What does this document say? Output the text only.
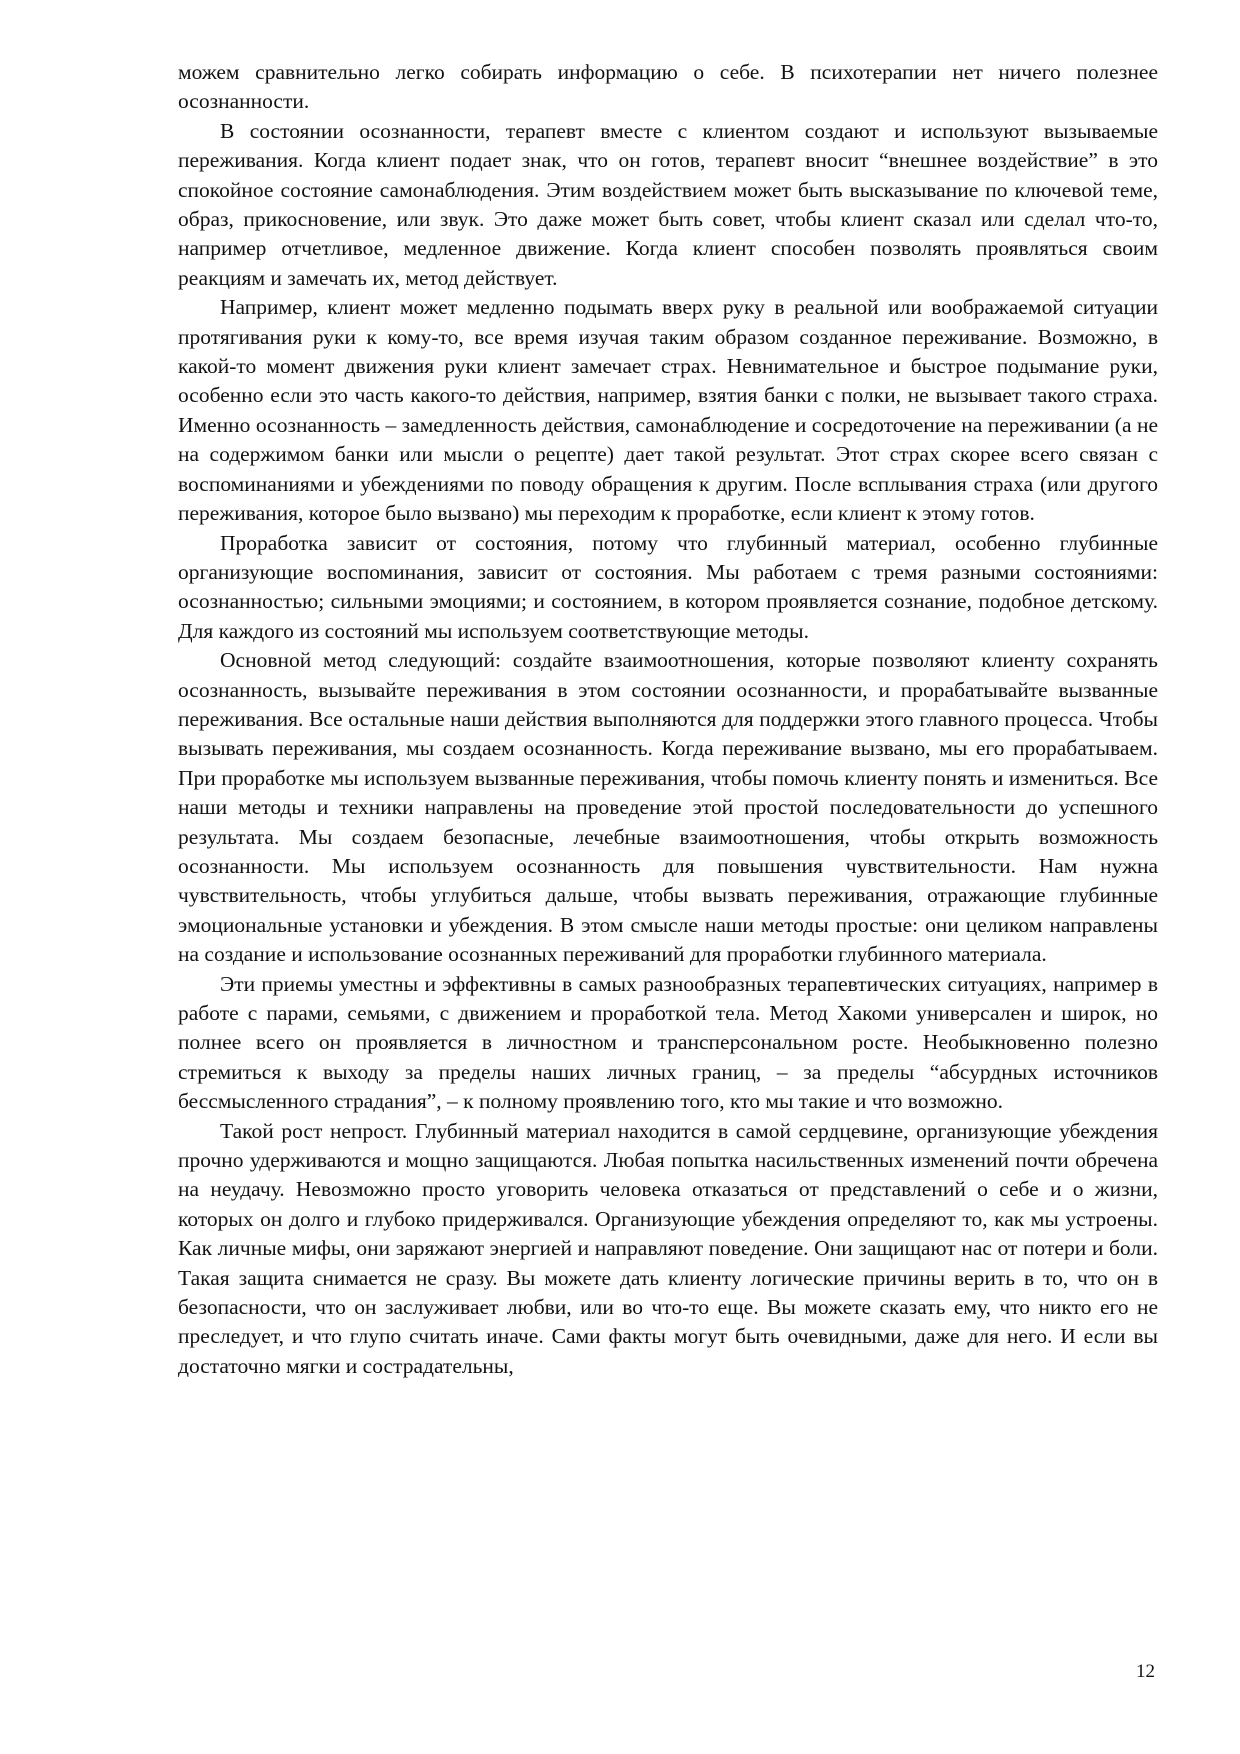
можем сравнительно легко собирать информацию о себе. В психотерапии нет ничего полезнее осознанности.

В состоянии осознанности, терапевт вместе с клиентом создают и используют вызываемые переживания. Когда клиент подает знак, что он готов, терапевт вносит “внешнее воздействие” в это спокойное состояние самонаблюдения. Этим воздействием может быть высказывание по ключевой теме, образ, прикосновение, или звук. Это даже может быть совет, чтобы клиент сказал или сделал что-то, например отчетливое, медленное движение. Когда клиент способен позволять проявляться своим реакциям и замечать их, метод действует.

Например, клиент может медленно подымать вверх руку в реальной или воображаемой ситуации протягивания руки к кому-то, все время изучая таким образом созданное переживание. Возможно, в какой-то момент движения руки клиент замечает страх. Невнимательное и быстрое подымание руки, особенно если это часть какого-то действия, например, взятия банки с полки, не вызывает такого страха. Именно осознанность – замедленность действия, самонаблюдение и сосредоточение на переживании (а не на содержимом банки или мысли о рецепте) дает такой результат. Этот страх скорее всего связан с воспоминаниями и убеждениями по поводу обращения к другим. После всплывания страха (или другого переживания, которое было вызвано) мы переходим к проработке, если клиент к этому готов.

Проработка зависит от состояния, потому что глубинный материал, особенно глубинные организующие воспоминания, зависит от состояния. Мы работаем с тремя разными состояниями: осознанностью; сильными эмоциями; и состоянием, в котором проявляется сознание, подобное детскому. Для каждого из состояний мы используем соответствующие методы.

Основной метод следующий: создайте взаимоотношения, которые позволяют клиенту сохранять осознанность, вызывайте переживания в этом состоянии осознанности, и прорабатывайте вызванные переживания. Все остальные наши действия выполняются для поддержки этого главного процесса. Чтобы вызывать переживания, мы создаем осознанность. Когда переживание вызвано, мы его прорабатываем. При проработке мы используем вызванные переживания, чтобы помочь клиенту понять и измениться. Все наши методы и техники направлены на проведение этой простой последовательности до успешного результата. Мы создаем безопасные, лечебные взаимоотношения, чтобы открыть возможность осознанности. Мы используем осознанность для повышения чувствительности. Нам нужна чувствительность, чтобы углубиться дальше, чтобы вызвать переживания, отражающие глубинные эмоциональные установки и убеждения. В этом смысле наши методы простые: они целиком направлены на создание и использование осознанных переживаний для проработки глубинного материала.

Эти приемы уместны и эффективны в самых разнообразных терапевтических ситуациях, например в работе с парами, семьями, с движением и проработкой тела. Метод Хакоми универсален и широк, но полнее всего он проявляется в личностном и трансперсональном росте. Необыкновенно полезно стремиться к выходу за пределы наших личных границ, – за пределы “абсурдных источников бессмысленного страдания”, – к полному проявлению того, кто мы такие и что возможно.

Такой рост непрост. Глубинный материал находится в самой сердцевине, организующие убеждения прочно удерживаются и мощно защищаются. Любая попытка насильственных изменений почти обречена на неудачу. Невозможно просто уговорить человека отказаться от представлений о себе и о жизни, которых он долго и глубоко придерживался. Организующие убеждения определяют то, как мы устроены. Как личные мифы, они заряжают энергией и направляют поведение. Они защищают нас от потери и боли. Такая защита снимается не сразу. Вы можете дать клиенту логические причины верить в то, что он в безопасности, что он заслуживает любви, или во что-то еще. Вы можете сказать ему, что никто его не преследует, и что глупо считать иначе. Сами факты могут быть очевидными, даже для него. И если вы достаточно мягки и сострадательны,

12
